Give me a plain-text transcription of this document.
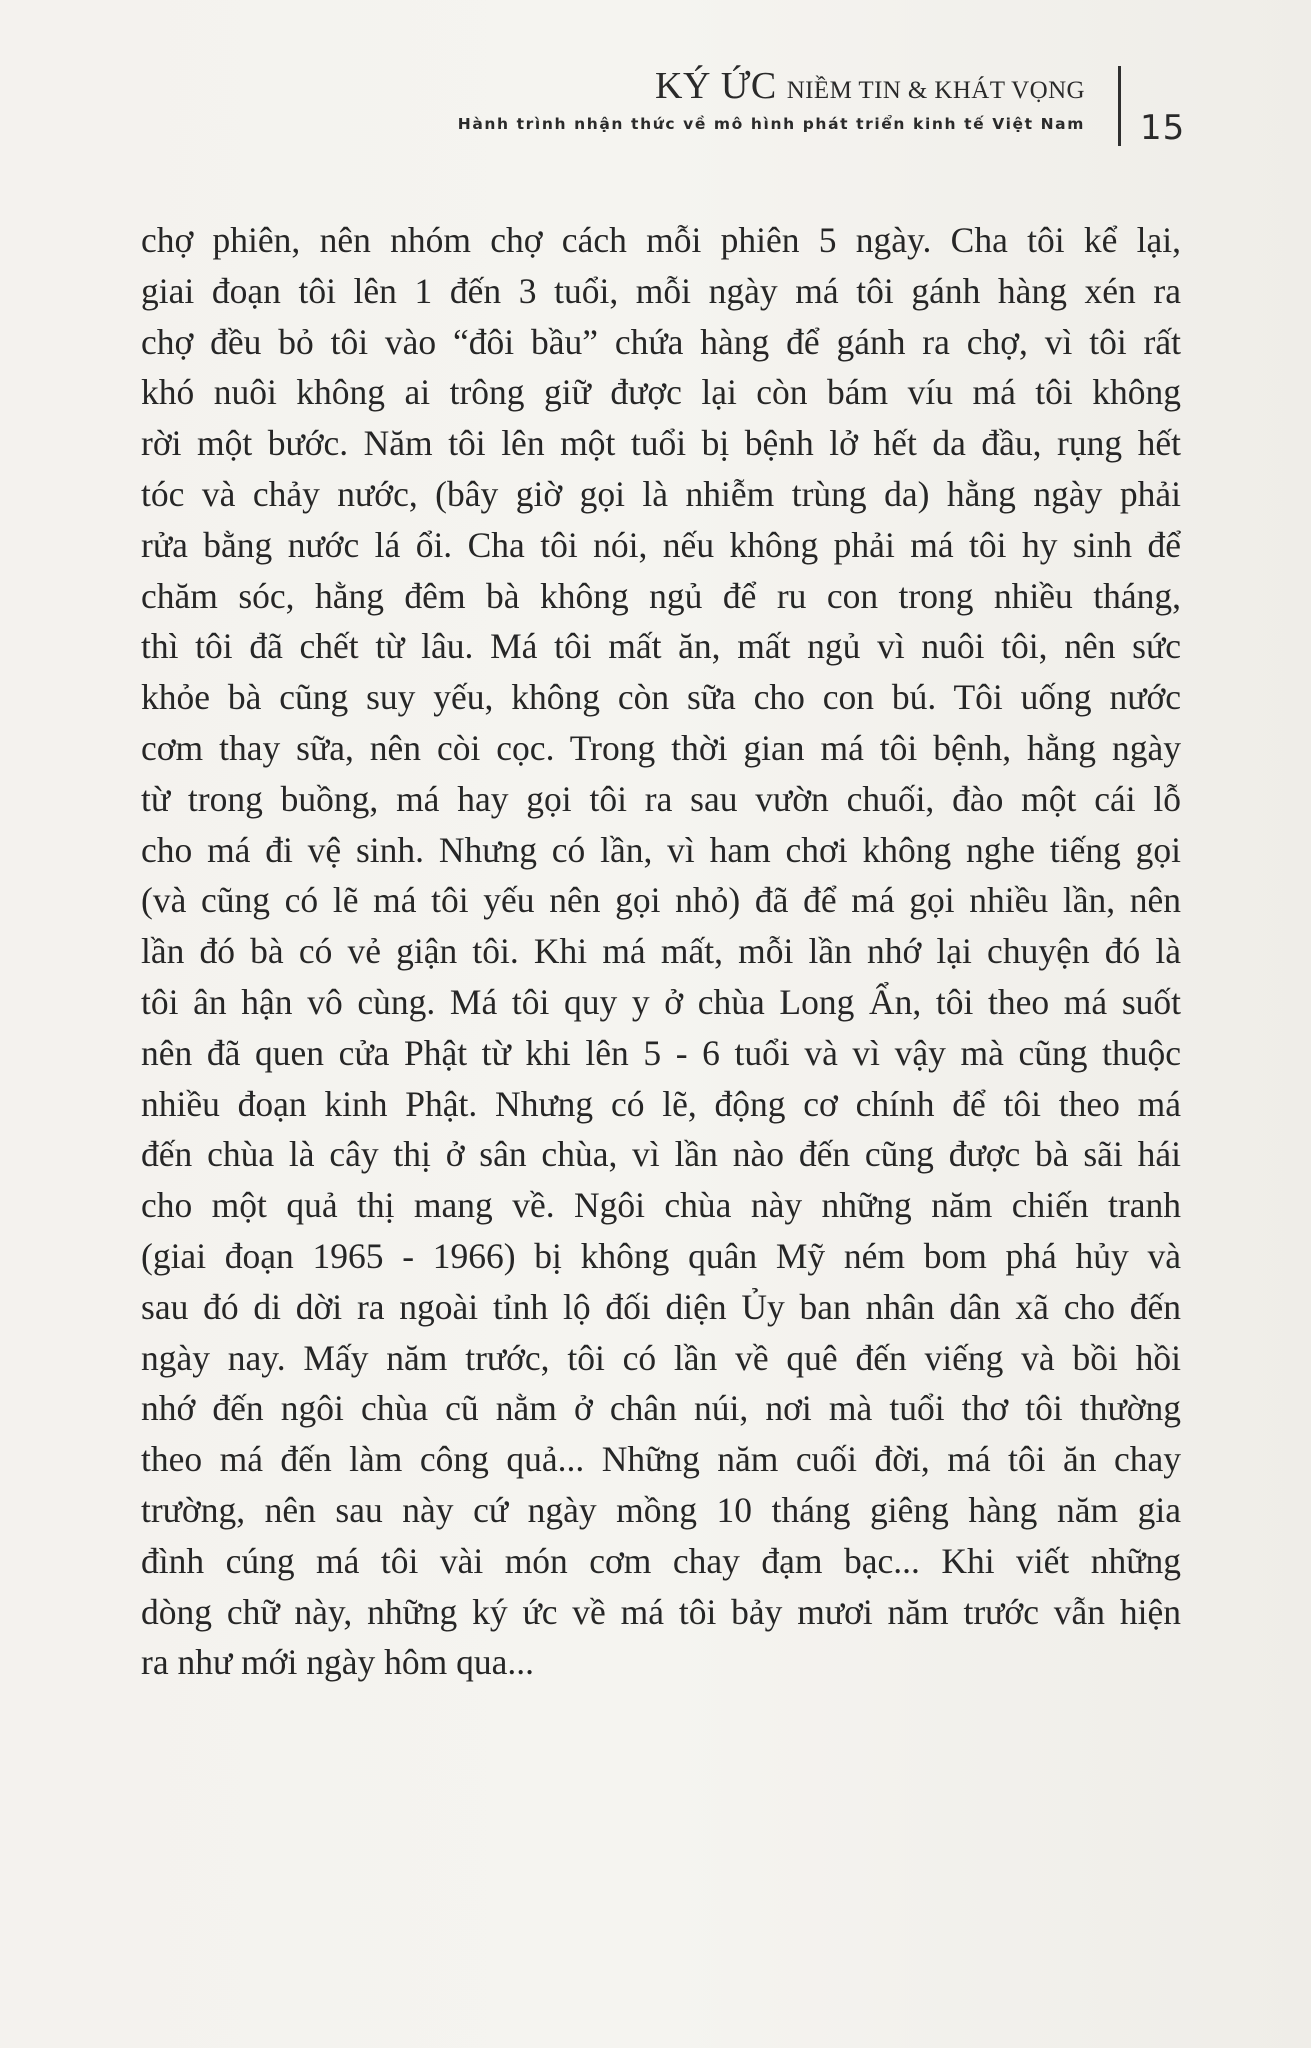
KÝ ỨC NIỀM TIN & KHÁT VỌNG
Hành trình nhận thức về mô hình phát triển kinh tế Việt Nam 15
chợ phiên, nên nhóm chợ cách mỗi phiên 5 ngày. Cha tôi kể lại,
giai đoạn tôi lên 1 đến 3 tuổi, mỗi ngày má tôi gánh hàng xén ra
chợ đều bỏ tôi vào “đôi bầu” chứa hàng để gánh ra chợ, vì tôi rất
khó nuôi không ai trông giữ được lại còn bám víu má tôi không
rời một bước. Năm tôi lên một tuổi bị bệnh lở hết da đầu, rụng hết
tóc và chảy nước, (bây giờ gọi là nhiễm trùng da) hằng ngày phải
rửa bằng nước lá ổi. Cha tôi nói, nếu không phải má tôi hy sinh để
chăm sóc, hằng đêm bà không ngủ để ru con trong nhiều tháng,
thì tôi đã chết từ lâu. Má tôi mất ăn, mất ngủ vì nuôi tôi, nên sức
khỏe bà cũng suy yếu, không còn sữa cho con bú. Tôi uống nước
cơm thay sữa, nên còi cọc. Trong thời gian má tôi bệnh, hằng ngày
từ trong buồng, má hay gọi tôi ra sau vườn chuối, đào một cái lỗ
cho má đi vệ sinh. Nhưng có lần, vì ham chơi không nghe tiếng gọi
(và cũng có lẽ má tôi yếu nên gọi nhỏ) đã để má gọi nhiều lần, nên
lần đó bà có vẻ giận tôi. Khi má mất, mỗi lần nhớ lại chuyện đó là
tôi ân hận vô cùng. Má tôi quy y ở chùa Long Ẩn, tôi theo má suốt
nên đã quen cửa Phật từ khi lên 5 - 6 tuổi và vì vậy mà cũng thuộc
nhiều đoạn kinh Phật. Nhưng có lẽ, động cơ chính để tôi theo má
đến chùa là cây thị ở sân chùa, vì lần nào đến cũng được bà sãi hái
cho một quả thị mang về. Ngôi chùa này những năm chiến tranh
(giai đoạn 1965 - 1966) bị không quân Mỹ ném bom phá hủy và
sau đó di dời ra ngoài tỉnh lộ đối diện Ủy ban nhân dân xã cho đến
ngày nay. Mấy năm trước, tôi có lần về quê đến viếng và bồi hồi
nhớ đến ngôi chùa cũ nằm ở chân núi, nơi mà tuổi thơ tôi thường
theo má đến làm công quả... Những năm cuối đời, má tôi ăn chay
trường, nên sau này cứ ngày mồng 10 tháng giêng hàng năm gia
đình cúng má tôi vài món cơm chay đạm bạc... Khi viết những
dòng chữ này, những ký ức về má tôi bảy mươi năm trước vẫn hiện
ra như mới ngày hôm qua...
